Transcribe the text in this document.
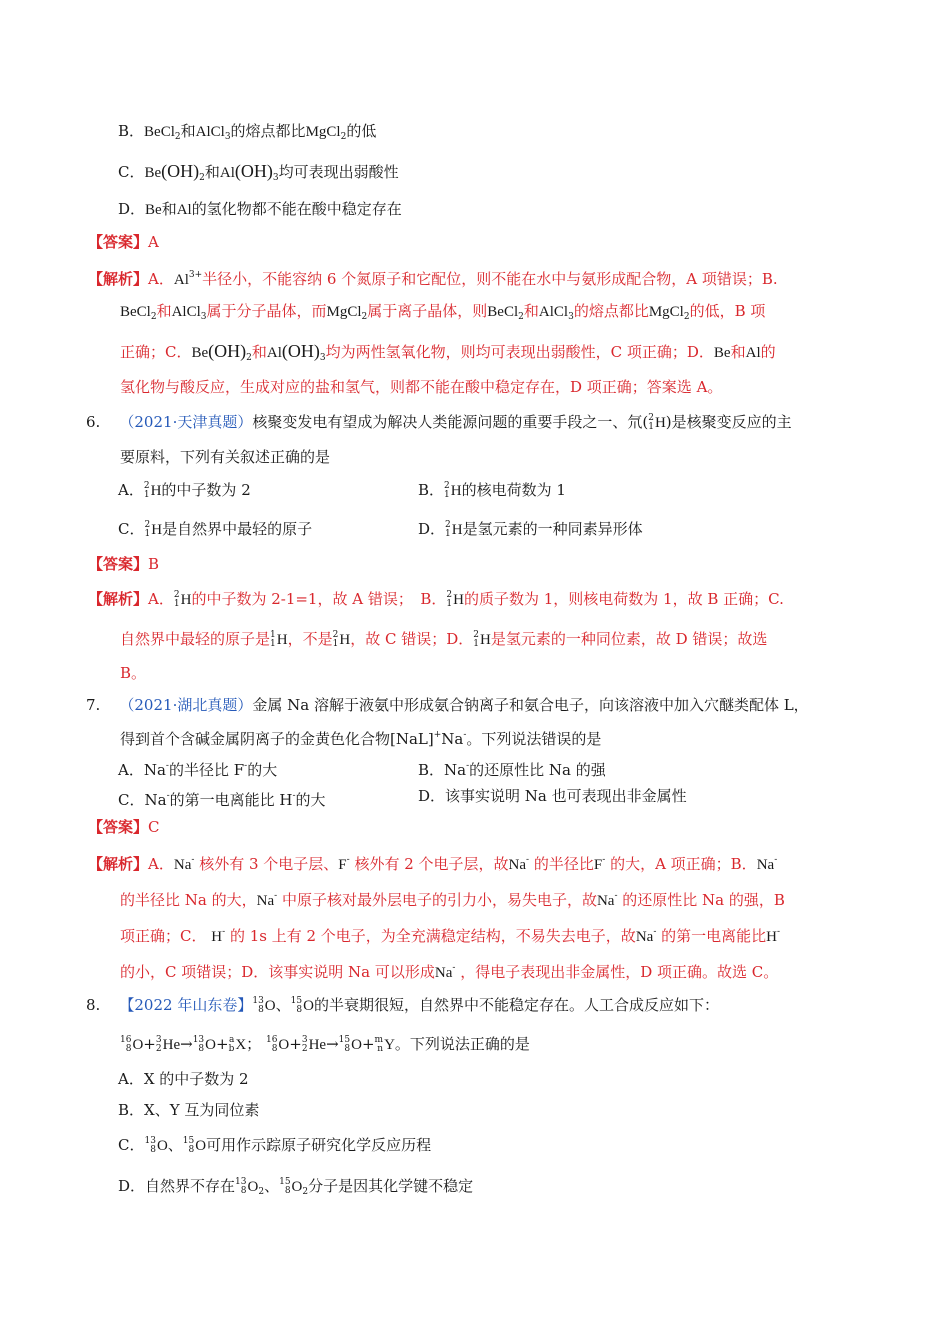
B．BeCl$_2$和AlCl$_3$的熔点都比MgCl$_2$的低
C．$Be(OH)_2$和$Al(OH)_3$均可表现出弱酸性
D．Be和Al的氢化物都不能在酸中稳定存在
【答案】A
【解析】A．$Al^{3+}$半径小，不能容纳 6 个氮原子和它配位，则不能在水中与氨形成配合物，A 项错误；B.
BeCl$_2$和AlCl$_3$属于分子晶体，而MgCl$_2$属于离子晶体，则BeCl$_2$和AlCl$_3$的熔点都比MgCl$_2$的低，B 项
正确；C．$Be(OH)_2$和$Al(OH)_3$均为两性氢氧化物，则均可表现出弱酸性，C 项正确；D．Be和Al的
氢化物与酸反应，生成对应的盐和氢气，则都不能在酸中稳定存在，D 项正确；答案选 A。
6. （2021·天津真题）核聚变发电有望成为解决人类能源问题的重要手段之一、氘( 2
1 H)是核聚变反应的主
要原料，下列有关叙述正确的是
A． 2
1 H的中子数为 2	B． 2
1 H的核电荷数为 1
C． 2
1 H是自然界中最轻的原子	D． 2
1 H是氢元素的一种同素异形体
【答案】B
【解析】A． 2
1 H的中子数为 2-1=1，故 A 错误；　B． 2
1 H的质子数为 1，则核电荷数为 1，故 B 正确；C.
自然界中最轻的原子是 1
1 H，不是 2
1 H，故 C 错误；D． 2
1 H是氢元素的一种同位素，故 D 错误；故选
B。
7. （2021·湖北真题）金属 Na 溶解于液氨中形成氨合钠离子和氨合电子，向该溶液中加入穴醚类配体 L，
得到首个含碱金属阴离子的金黄色化合物[NaL]+Na-。下列说法错误的是
A．Na-的半径比 F-的大	B．Na-的还原性比 Na 的强
C．Na-的第一电离能比 H-的大	D．该事实说明 Na 也可表现出非金属性
【答案】C
【解析】A．Na- 核外有 3 个电子层、F- 核外有 2 个电子层，故Na- 的半径比F- 的大，A 项正确；B．Na-
的半径比 Na 的大，Na- 中原子核对最外层电子的引力小，易失电子，故Na- 的还原性比 Na 的强，B
项正确；C． H- 的 1s 上有 2 个电子，为全充满稳定结构，不易失去电子，故Na- 的第一电离能比H-
的小，C 项错误；D．该事实说明 Na 可以形成Na- ，得电子表现出非金属性，D 项正确。故选 C。
8. 【2022 年山东卷】 13
8 O、 15
8 O的半衰期很短，自然界中不能稳定存在。人工合成反应如下：
16
8 O+ 3
2 He→ 13
8 O+ a
b X； 16
8 O+ 3
2 He→ 15
8 O+ m
n Y。下列说法正确的是
A．X 的中子数为 2
B．X、Y 互为同位素
C． 13
8 O、 15
8 O可用作示踪原子研究化学反应历程
D．自然界不存在 13
8 $O_2$、 15
8 $O_2$分子是因其化学键不稳定
